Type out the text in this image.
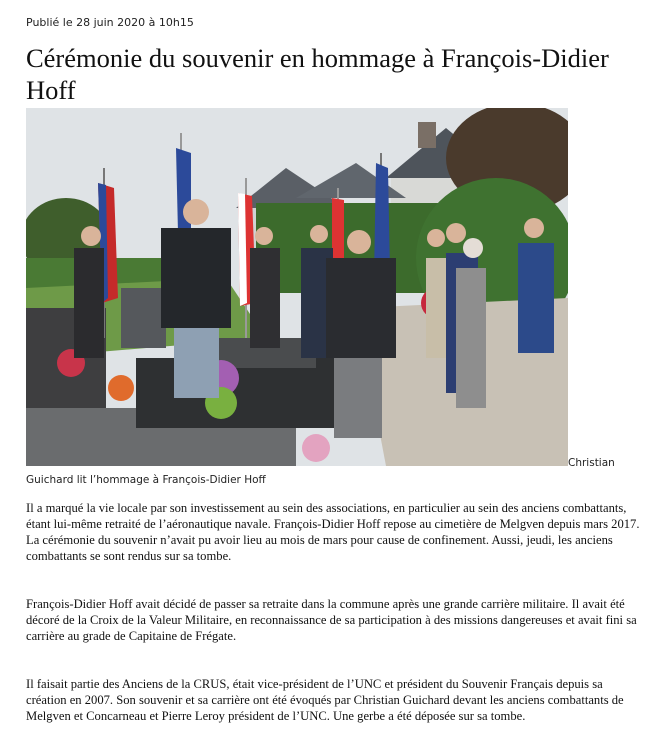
Publié le 28 juin 2020 à 10h15
Cérémonie du souvenir en hommage à François-Didier Hoff
Christian
Guichard lit l’hommage à François-Didier Hoff

Il a marqué la vie locale par son investissement au sein des associations, en particulier au sein des anciens combattants, étant lui-même retraité de l’aéronautique navale. François-Didier Hoff repose au cimetière de Melgven depuis mars 2017. La cérémonie du souvenir n’avait pu avoir lieu au mois de mars pour cause de confinement. Aussi, jeudi, les anciens combattants se sont rendus sur sa tombe.

François-Didier Hoff avait décidé de passer sa retraite dans la commune après une grande carrière militaire. Il avait été décoré de la Croix de la Valeur Militaire, en reconnaissance de sa participation à des missions dangereuses et avait fini sa carrière au grade de Capitaine de Frégate.

Il faisait partie des Anciens de la CRUS, était vice-président de l’UNC et président du Souvenir Français depuis sa création en 2007. Son souvenir et sa carrière ont été évoqués par Christian Guichard devant les anciens combattants de Melgven et Concarneau et Pierre Leroy président de l’UNC. Une gerbe a été déposée sur sa tombe.
